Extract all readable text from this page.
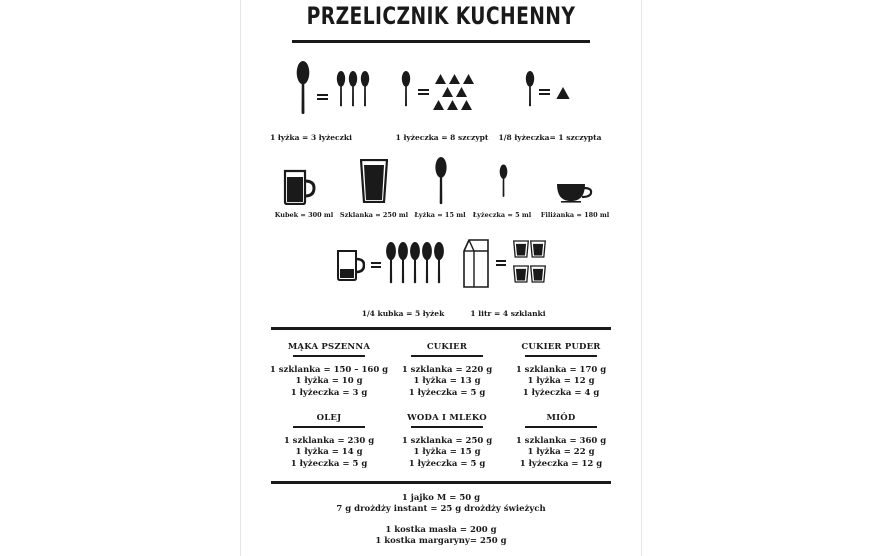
PRZELICZNIK KUCHENNY
1 łyżka = 3 łyżeczki	1 łyżeczka = 8 szczypt 1/8 łyżeczka= 1 szczypta
Kubek = 300 ml Szklanka = 250 ml Łyżka = 15 ml Łyżeczka = 5 ml Filiżanka = 180 ml
1/4 kubka = 5 łyżek	1 litr = 4 szklanki
MĄKA PSZENNA
1 szklanka = 150 – 160 g
1 łyżka = 10 g
1 łyżeczka = 3 g
CUKIER
1 szklanka = 220 g
1 łyżka = 13 g
1 łyżeczka = 5 g
CUKIER PUDER
1 szklanka = 170 g
1 łyżka = 12 g
1 łyżeczka = 4 g
OLEJ
1 szklanka = 230 g
1 łyżka = 14 g
1 łyżeczka = 5 g
WODA I MLEKO
1 szklanka = 250 g
1 łyżka = 15 g
1 łyżeczka = 5 g
MIÓD
1 szklanka = 360 g
1 łyżka = 22 g
1 łyżeczka = 12 g
1 jajko M = 50 g
7 g drożdży instant = 25 g drożdży świeżych
1 kostka masła = 200 g
1 kostka margaryny= 250 g
